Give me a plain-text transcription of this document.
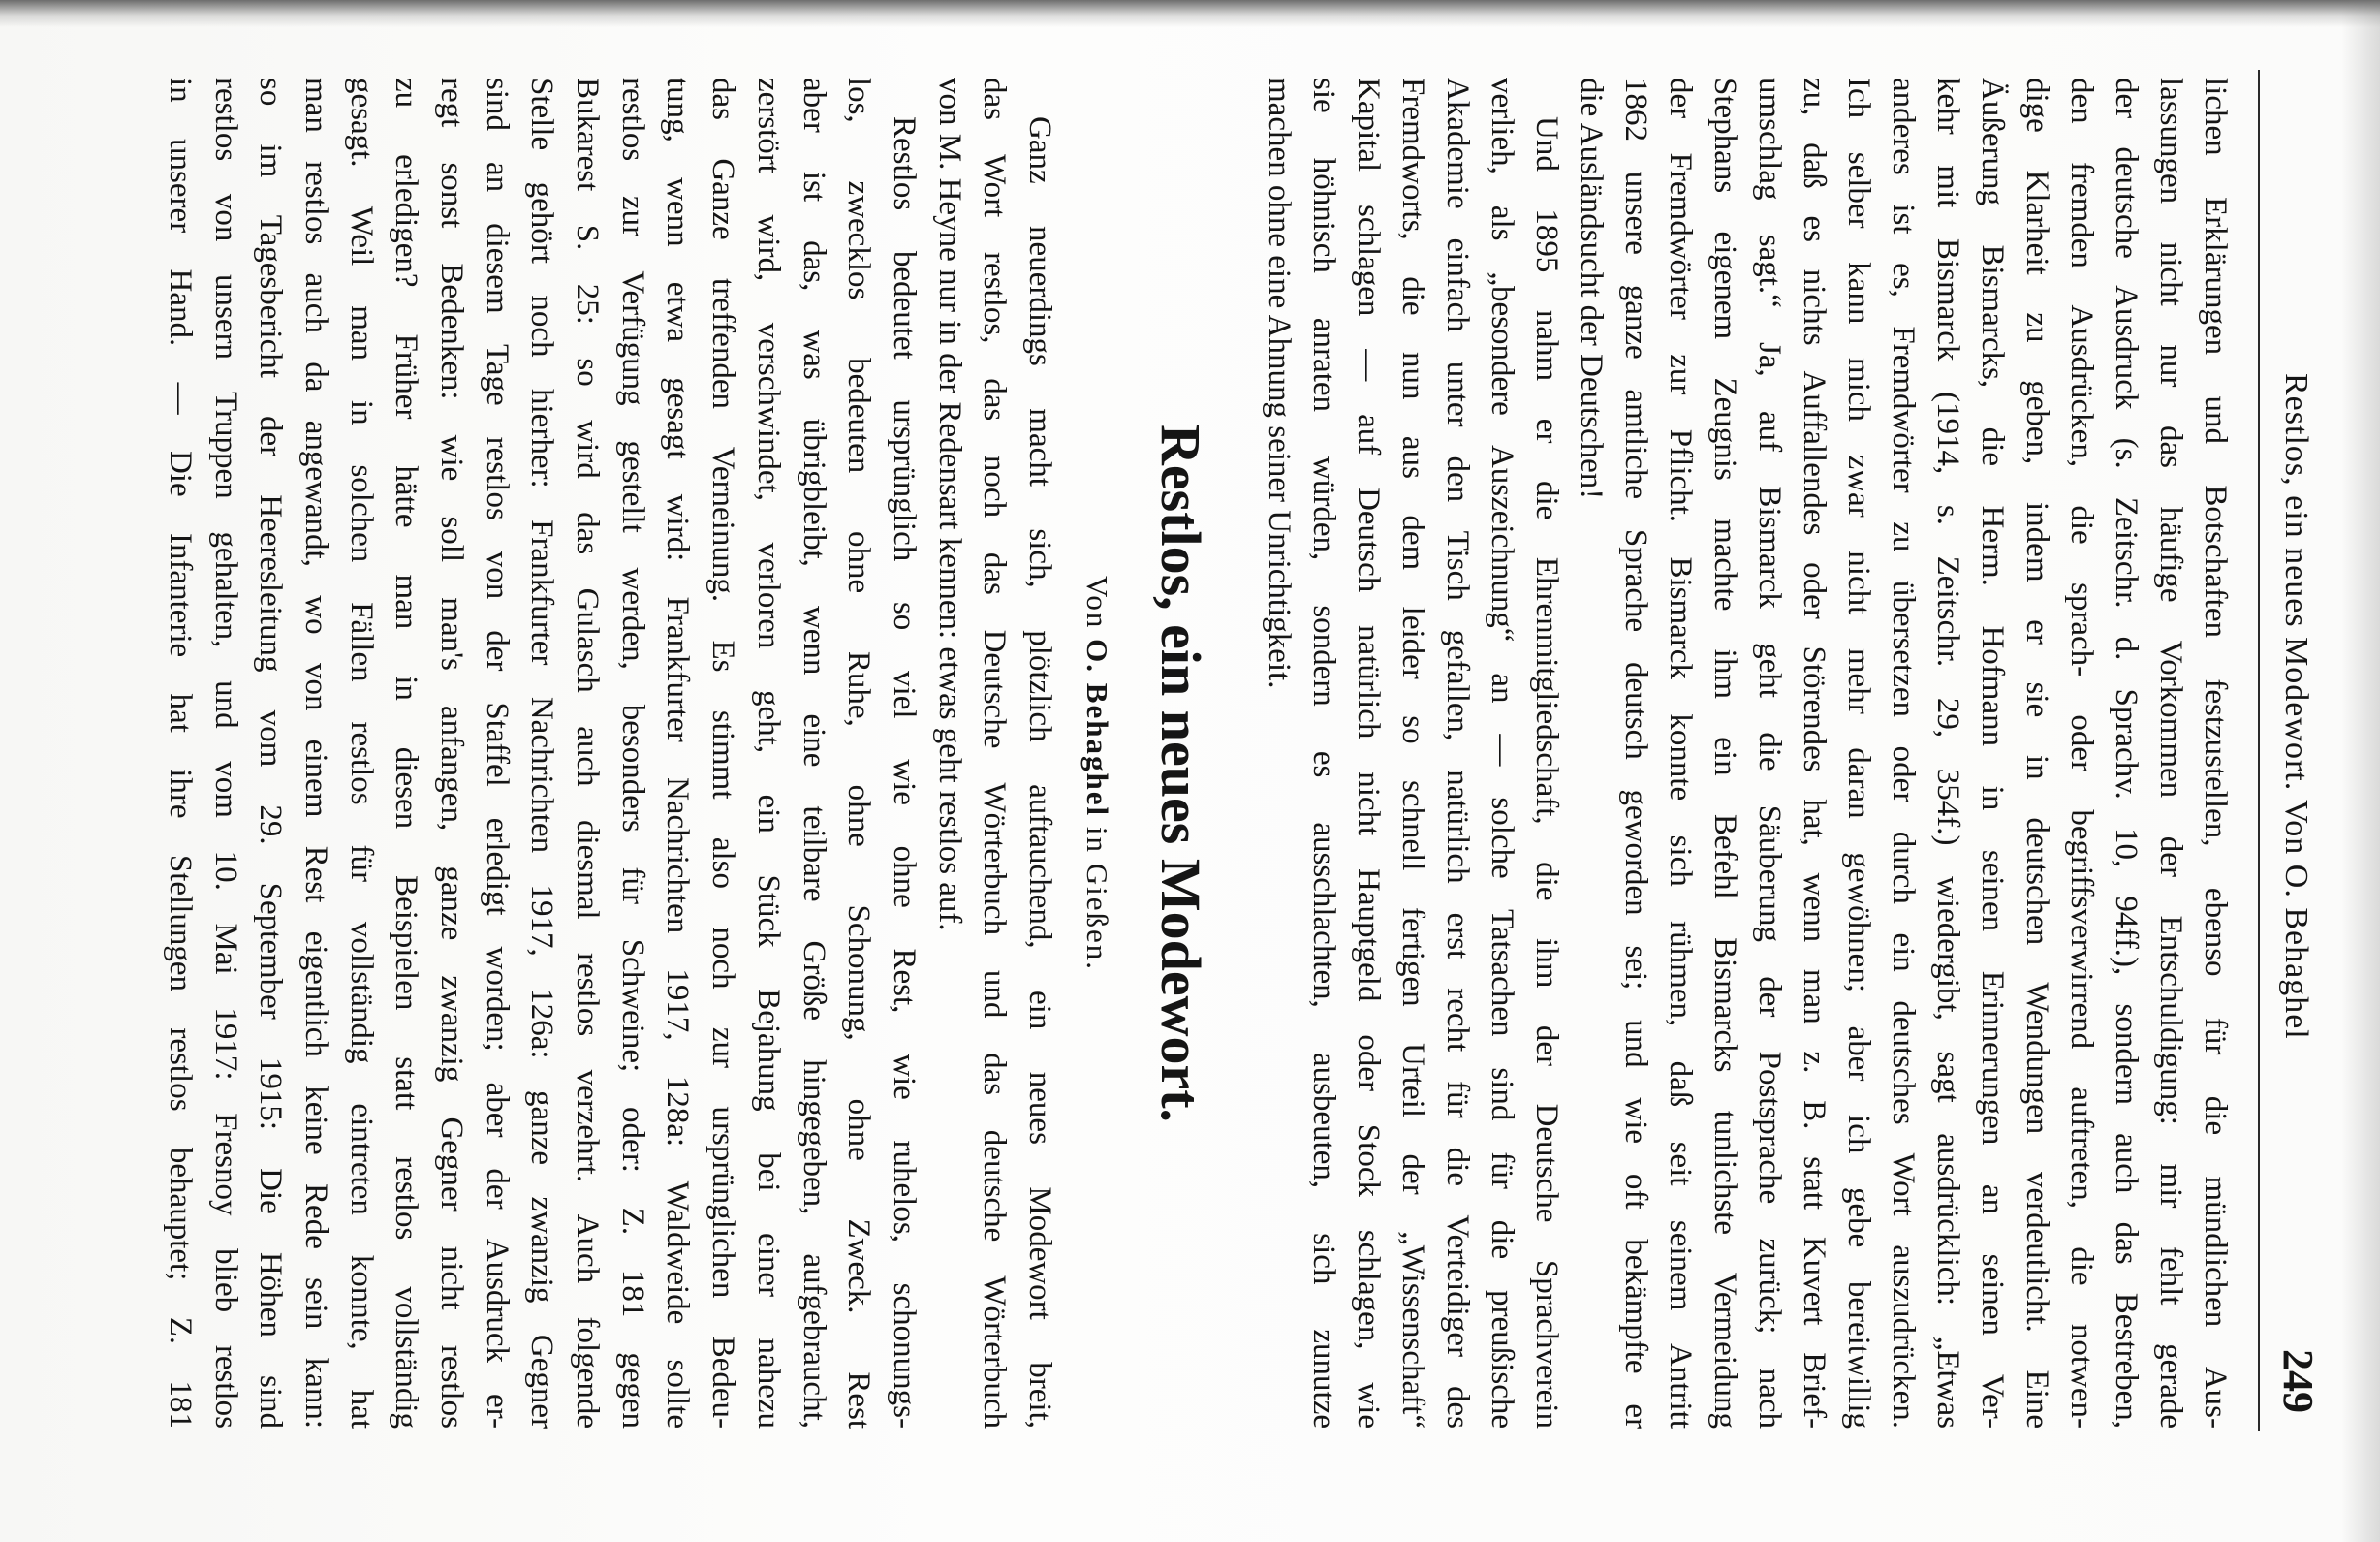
Restlos, ein neues Modewort. Von O. Behaghel
249
lichen Erklärungen und Botschaften festzustellen, ebenso für die mündlichen Aus-
lassungen nicht nur das häufige Vorkommen der Entschuldigung: mir fehlt gerade
der deutsche Ausdruck (s. Zeitschr. d. Sprachv. 10, 94ff.), sondern auch das Bestreben,
den fremden Ausdrücken, die sprach- oder begriffsverwirrend auftreten, die notwen-
dige Klarheit zu geben, indem er sie in deutschen Wendungen verdeutlicht. Eine
Äußerung Bismarcks, die Herm. Hofmann in seinen Erinnerungen an seinen Ver-
kehr mit Bismarck (1914, s. Zeitschr. 29, 354f.) wiedergibt, sagt ausdrücklich: „Etwas
anderes ist es, Fremdwörter zu übersetzen oder durch ein deutsches Wort auszudrücken.
Ich selber kann mich zwar nicht mehr daran gewöhnen; aber ich gebe bereitwillig
zu, daß es nichts Auffallendes oder Störendes hat, wenn man z. B. statt Kuvert Brief-
umschlag sagt.“ Ja, auf Bismarck geht die Säuberung der Postsprache zurück; nach
Stephans eigenem Zeugnis machte ihm ein Befehl Bismarcks tunlichste Vermeidung
der Fremdwörter zur Pflicht. Bismarck konnte sich rühmen, daß seit seinem Antritt
1862 unsere ganze amtliche Sprache deutsch geworden sei; und wie oft bekämpfte er
die Ausländsucht der Deutschen!
Und 1895 nahm er die Ehrenmitgliedschaft, die ihm der Deutsche Sprachverein
verlieh, als „besondere Auszeichnung“ an — solche Tatsachen sind für die preußische
Akademie einfach unter den Tisch gefallen, natürlich erst recht für die Verteidiger des
Fremdworts, die nun aus dem leider so schnell fertigen Urteil der „Wissenschaft“
Kapital schlagen — auf Deutsch natürlich nicht Hauptgeld oder Stock schlagen, wie
sie höhnisch anraten würden, sondern es ausschlachten, ausbeuten, sich zunutze
machen ohne eine Ahnung seiner Unrichtigkeit.
Restlos, ein neues Modewort.
Von O. Behaghel in Gießen.
Ganz neuerdings macht sich, plötzlich auftauchend, ein neues Modewort breit,
das Wort restlos, das noch das Deutsche Wörterbuch und das deutsche Wörterbuch
von M. Heyne nur in der Redensart kennen: etwas geht restlos auf.
Restlos bedeutet ursprünglich so viel wie ohne Rest, wie ruhelos, schonungs-
los, zwecklos bedeuten ohne Ruhe, ohne Schonung, ohne Zweck. Rest
aber ist das, was übrigbleibt, wenn eine teilbare Größe hingegeben, aufgebraucht,
zerstört wird, verschwindet, verloren geht, ein Stück Bejahung bei einer nahezu
das Ganze treffenden Verneinung. Es stimmt also noch zur ursprünglichen Bedeu-
tung, wenn etwa gesagt wird: Frankfurter Nachrichten 1917, 128a: Waldweide sollte
restlos zur Verfügung gestellt werden, besonders für Schweine; oder: Z. 181 gegen
Bukarest S. 25: so wird das Gulasch auch diesmal restlos verzehrt. Auch folgende
Stelle gehört noch hierher: Frankfurter Nachrichten 1917, 126a: ganze zwanzig Gegner
sind an diesem Tage restlos von der Staffel erledigt worden; aber der Ausdruck er-
regt sonst Bedenken: wie soll man's anfangen, ganze zwanzig Gegner nicht restlos
zu erledigen? Früher hätte man in diesen Beispielen statt restlos vollständig
gesagt. Weil man in solchen Fällen restlos für vollständig eintreten konnte, hat
man restlos auch da angewandt, wo von einem Rest eigentlich keine Rede sein kann:
so im Tagesbericht der Heeresleitung vom 29. September 1915: Die Höhen sind
restlos von unsern Truppen gehalten, und vom 10. Mai 1917: Fresnoy blieb restlos
in unserer Hand. — Die Infanterie hat ihre Stellungen restlos behauptet; Z. 181
